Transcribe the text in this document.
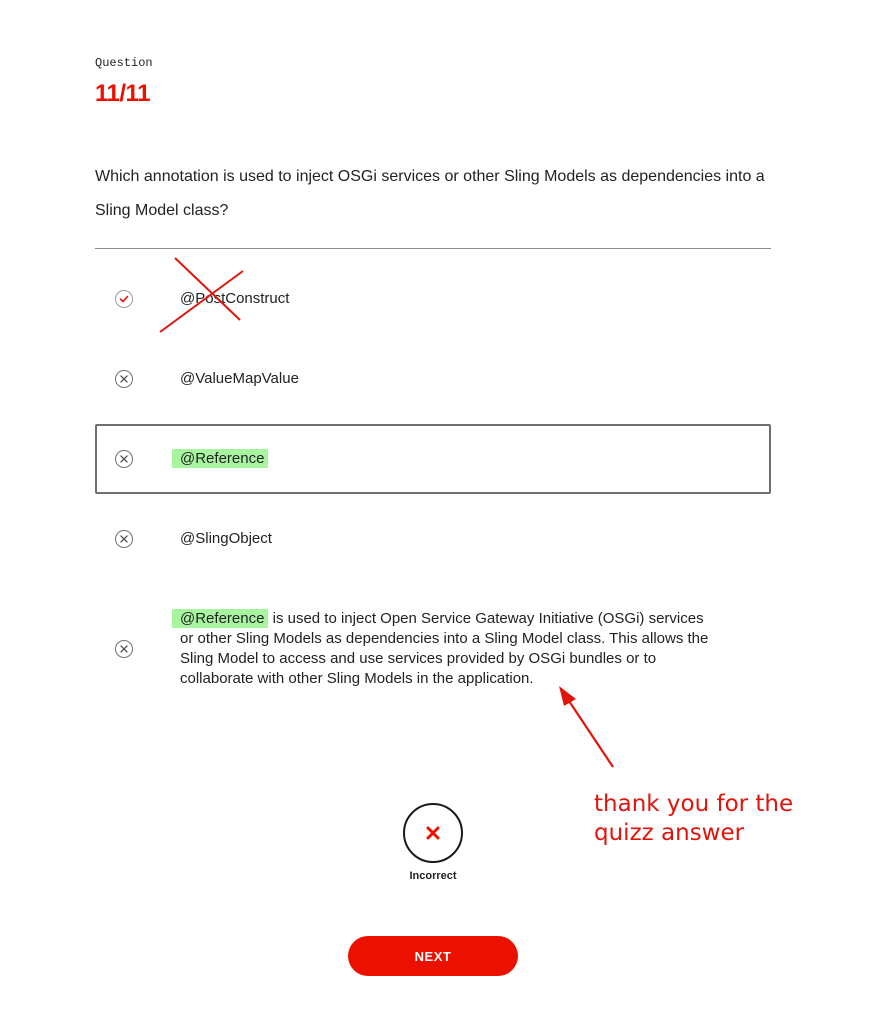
Question
11/11
Which annotation is used to inject OSGi services or other Sling Models as dependencies into a Sling Model class?
@PostConstruct
@ValueMapValue
@Reference
@SlingObject
@Reference is used to inject Open Service Gateway Initiative (OSGi) services or other Sling Models as dependencies into a Sling Model class. This allows the Sling Model to access and use services provided by OSGi bundles or to collaborate with other Sling Models in the application.
thank you for the
quizz answer
Incorrect
NEXT
